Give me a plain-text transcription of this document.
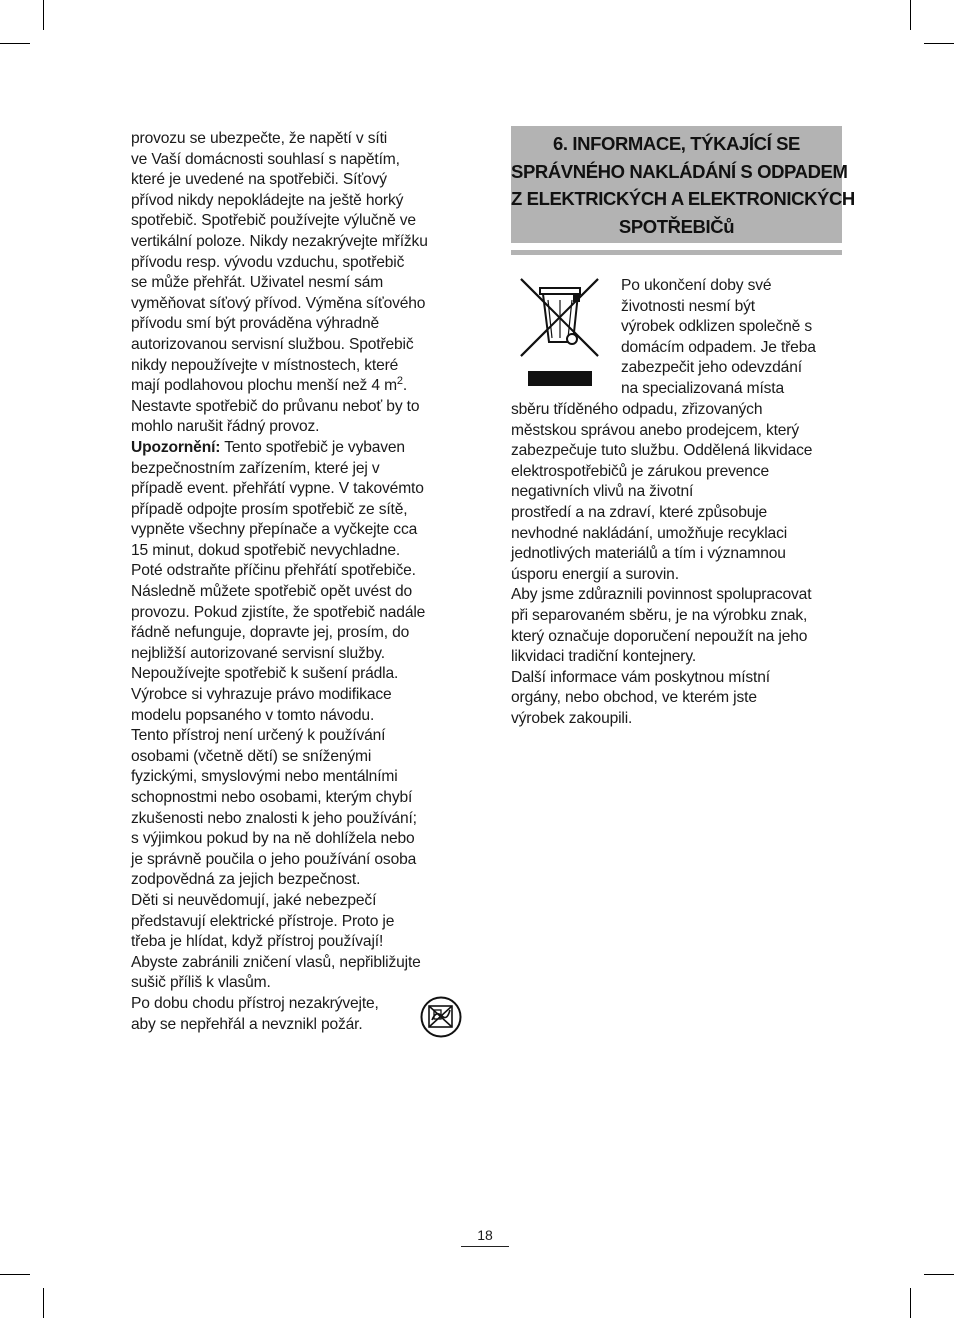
provozu se ubezpečte, že napětí v síti
ve Vaší domácnosti souhlasí s napětím,
které je uvedené na spotřebiči. Síťový
přívod nikdy nepokládejte na ještě horký
spotřebič. Spotřebič používejte výlučně ve
vertikální poloze. Nikdy nezakrývejte mřížku
přívodu resp. vývodu vzduchu, spotřebič
se může přehřát. Uživatel nesmí sám
vyměňovat síťový přívod. Výměna síťového
přívodu smí být prováděna výhradně
autorizovanou servisní službou. Spotřebič
nikdy nepoužívejte v místnostech, které
mají podlahovou plochu menší než 4 $m^2$.
Nestavte spotřebič do průvanu neboť by to
mohlo narušit řádný provoz.
Upozornění: Tento spotřebič je vybaven
bezpečnostním zařízením, které jej v
případě event. přehřátí vypne. V takovémto
případě odpojte prosím spotřebič ze sítě,
vypněte všechny přepínače a vyčkejte cca
15 minut, dokud spotřebič nevychladne.
Poté odstraňte příčinu přehřátí spotřebiče.
Následně můžete spotřebič opět uvést do
provozu. Pokud zjistíte, že spotřebič nadále
řádně nefunguje, dopravte jej, prosím, do
nejbližší autorizované servisní služby.
Nepoužívejte spotřebič k sušení prádla.
Výrobce si vyhrazuje právo modifikace
modelu popsaného v tomto návodu.
Tento přístroj není určený k používání
osobami (včetně dětí) se sníženými
fyzickými, smyslovými nebo mentálními
schopnostmi nebo osobami, kterým chybí
zkušenosti nebo znalosti k jeho používání;
s výjimkou pokud by na ně dohlížela nebo
je správně poučila o jeho používání osoba
zodpovědná za jejich bezpečnost.
Děti si neuvědomují, jaké nebezpečí
představují elektrické přístroje. Proto je
třeba je hlídat, když přístroj používají!
Abyste zabránili zničení vlasů, nepřibližujte
sušič příliš k vlasům.
Po dobu chodu přístroj nezakrývejte,
aby se nepřehřál a nevznikl požár.
6. INFORMACE, TÝKAJÍCÍ SE
SPRÁVNÉHO NAKLÁDÁNÍ S ODPADEM
Z ELEKTRICKÝCH A ELEKTRONICKÝCH
SPOTŘEBIČů
Po ukončení doby své
životnosti nesmí být
výrobek odklizen společně s
domácím odpadem. Je třeba
zabezpečit jeho odevzdání
na specializovaná místa
sběru tříděného odpadu, zřizovaných
městskou správou anebo prodejcem, který
zabezpečuje tuto službu. Oddělená likvidace
elektrospotřebičů je zárukou prevence
negativních vlivů na životní
prostředí a na zdraví, které způsobuje
nevhodné nakládání, umožňuje recyklaci
jednotlivých materiálů a tím i významnou
úsporu energií a surovin.
Aby jsme zdůraznili povinnost spolupracovat
při separovaném sběru, je na výrobku znak,
který označuje doporučení nepoužít na jeho
likvidaci tradiční kontejnery.
Další informace vám poskytnou místní
orgány, nebo obchod, ve kterém jste
výrobek zakoupili.
18
